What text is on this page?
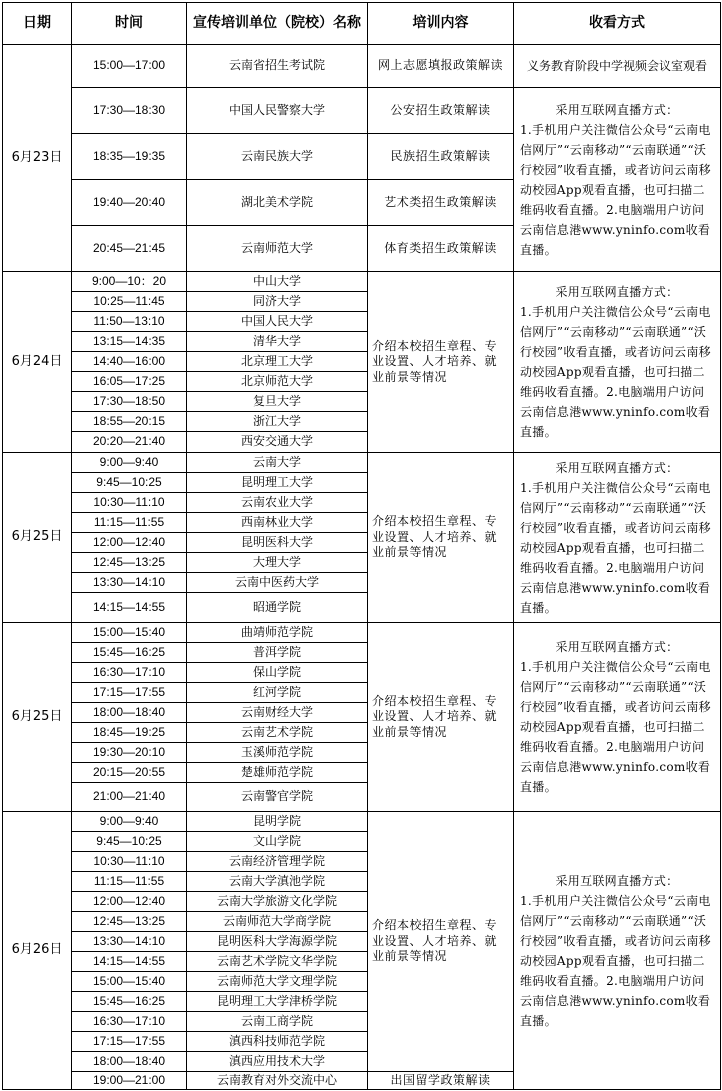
日期	时间	宣传培训单位（院校）名称	培训内容	收看方式
6月23日	15:00—17:00	云南省招生考试院	网上志愿填报政策解读	义务教育阶段中学视频会议室观看
	17:30—18:30	中国人民警察大学	公安招生政策解读	采用互联网直播方式：
1.手机用户关注微信公众号“云南电信网厅”“云南移动”“云南联通”“沃行校园”收看直播，或者访问云南移动校园App观看直播，也可扫描二维码收看直播。2.电脑端用户访问云南信息港www.yninfo.com收看直播。
	18:35—19:35	云南民族大学	民族招生政策解读	
	19:40—20:40	湖北美术学院	艺术类招生政策解读	
	20:45—21:45	云南师范大学	体育类招生政策解读	
6月24日	9:00—10：20	中山大学	介绍本校招生章程、专业设置、人才培养、就业前景等情况	采用互联网直播方式：
1.手机用户关注微信公众号“云南电信网厅”“云南移动”“云南联通”“沃行校园”收看直播，或者访问云南移动校园App观看直播，也可扫描二维码收看直播。2.电脑端用户访问云南信息港www.yninfo.com收看直播。
	10:25—11:45	同济大学		
	11:50—13:10	中国人民大学		
	13:15—14:35	清华大学		
	14:40—16:00	北京理工大学		
	16:05—17:25	北京师范大学		
	17:30—18:50	复旦大学		
	18:55—20:15	浙江大学		
	20:20—21:40	西安交通大学		
6月25日	9:00—9:40	云南大学	介绍本校招生章程、专业设置、人才培养、就业前景等情况	采用互联网直播方式：
1.手机用户关注微信公众号“云南电信网厅”“云南移动”“云南联通”“沃行校园”收看直播，或者访问云南移动校园App观看直播，也可扫描二维码收看直播。2.电脑端用户访问云南信息港www.yninfo.com收看直播。
	9:45—10:25	昆明理工大学		
	10:30—11:10	云南农业大学		
	11:15—11:55	西南林业大学		
	12:00—12:40	昆明医科大学		
	12:45—13:25	大理大学		
	13:30—14:10	云南中医药大学		
	14:15—14:55	昭通学院		
6月25日	15:00—15:40	曲靖师范学院	介绍本校招生章程、专业设置、人才培养、就业前景等情况	采用互联网直播方式：
1.手机用户关注微信公众号“云南电信网厅”“云南移动”“云南联通”“沃行校园”收看直播，或者访问云南移动校园App观看直播，也可扫描二维码收看直播。2.电脑端用户访问云南信息港www.yninfo.com收看直播。
	15:45—16:25	普洱学院		
	16:30—17:10	保山学院		
	17:15—17:55	红河学院		
	18:00—18:40	云南财经大学		
	18:45—19:25	云南艺术学院		
	19:30—20:10	玉溪师范学院		
	20:15—20:55	楚雄师范学院		
	21:00—21:40	云南警官学院		
6月26日	9:00—9:40	昆明学院	介绍本校招生章程、专业设置、人才培养、就业前景等情况	采用互联网直播方式：
1.手机用户关注微信公众号“云南电信网厅”“云南移动”“云南联通”“沃行校园”收看直播，或者访问云南移动校园App观看直播，也可扫描二维码收看直播。2.电脑端用户访问云南信息港www.yninfo.com收看直播。
	9:45—10:25	文山学院		
	10:30—11:10	云南经济管理学院		
	11:15—11:55	云南大学滇池学院		
	12:00—12:40	云南大学旅游文化学院		
	12:45—13:25	云南师范大学商学院		
	13:30—14:10	昆明医科大学海源学院		
	14:15—14:55	云南艺术学院文华学院		
	15:00—15:40	云南师范大学文理学院		
	15:45—16:25	昆明理工大学津桥学院		
	16:30—17:10	云南工商学院		
	17:15—17:55	滇西科技师范学院		
	18:00—18:40	滇西应用技术大学		
	19:00—21:00	云南教育对外交流中心	出国留学政策解读	
